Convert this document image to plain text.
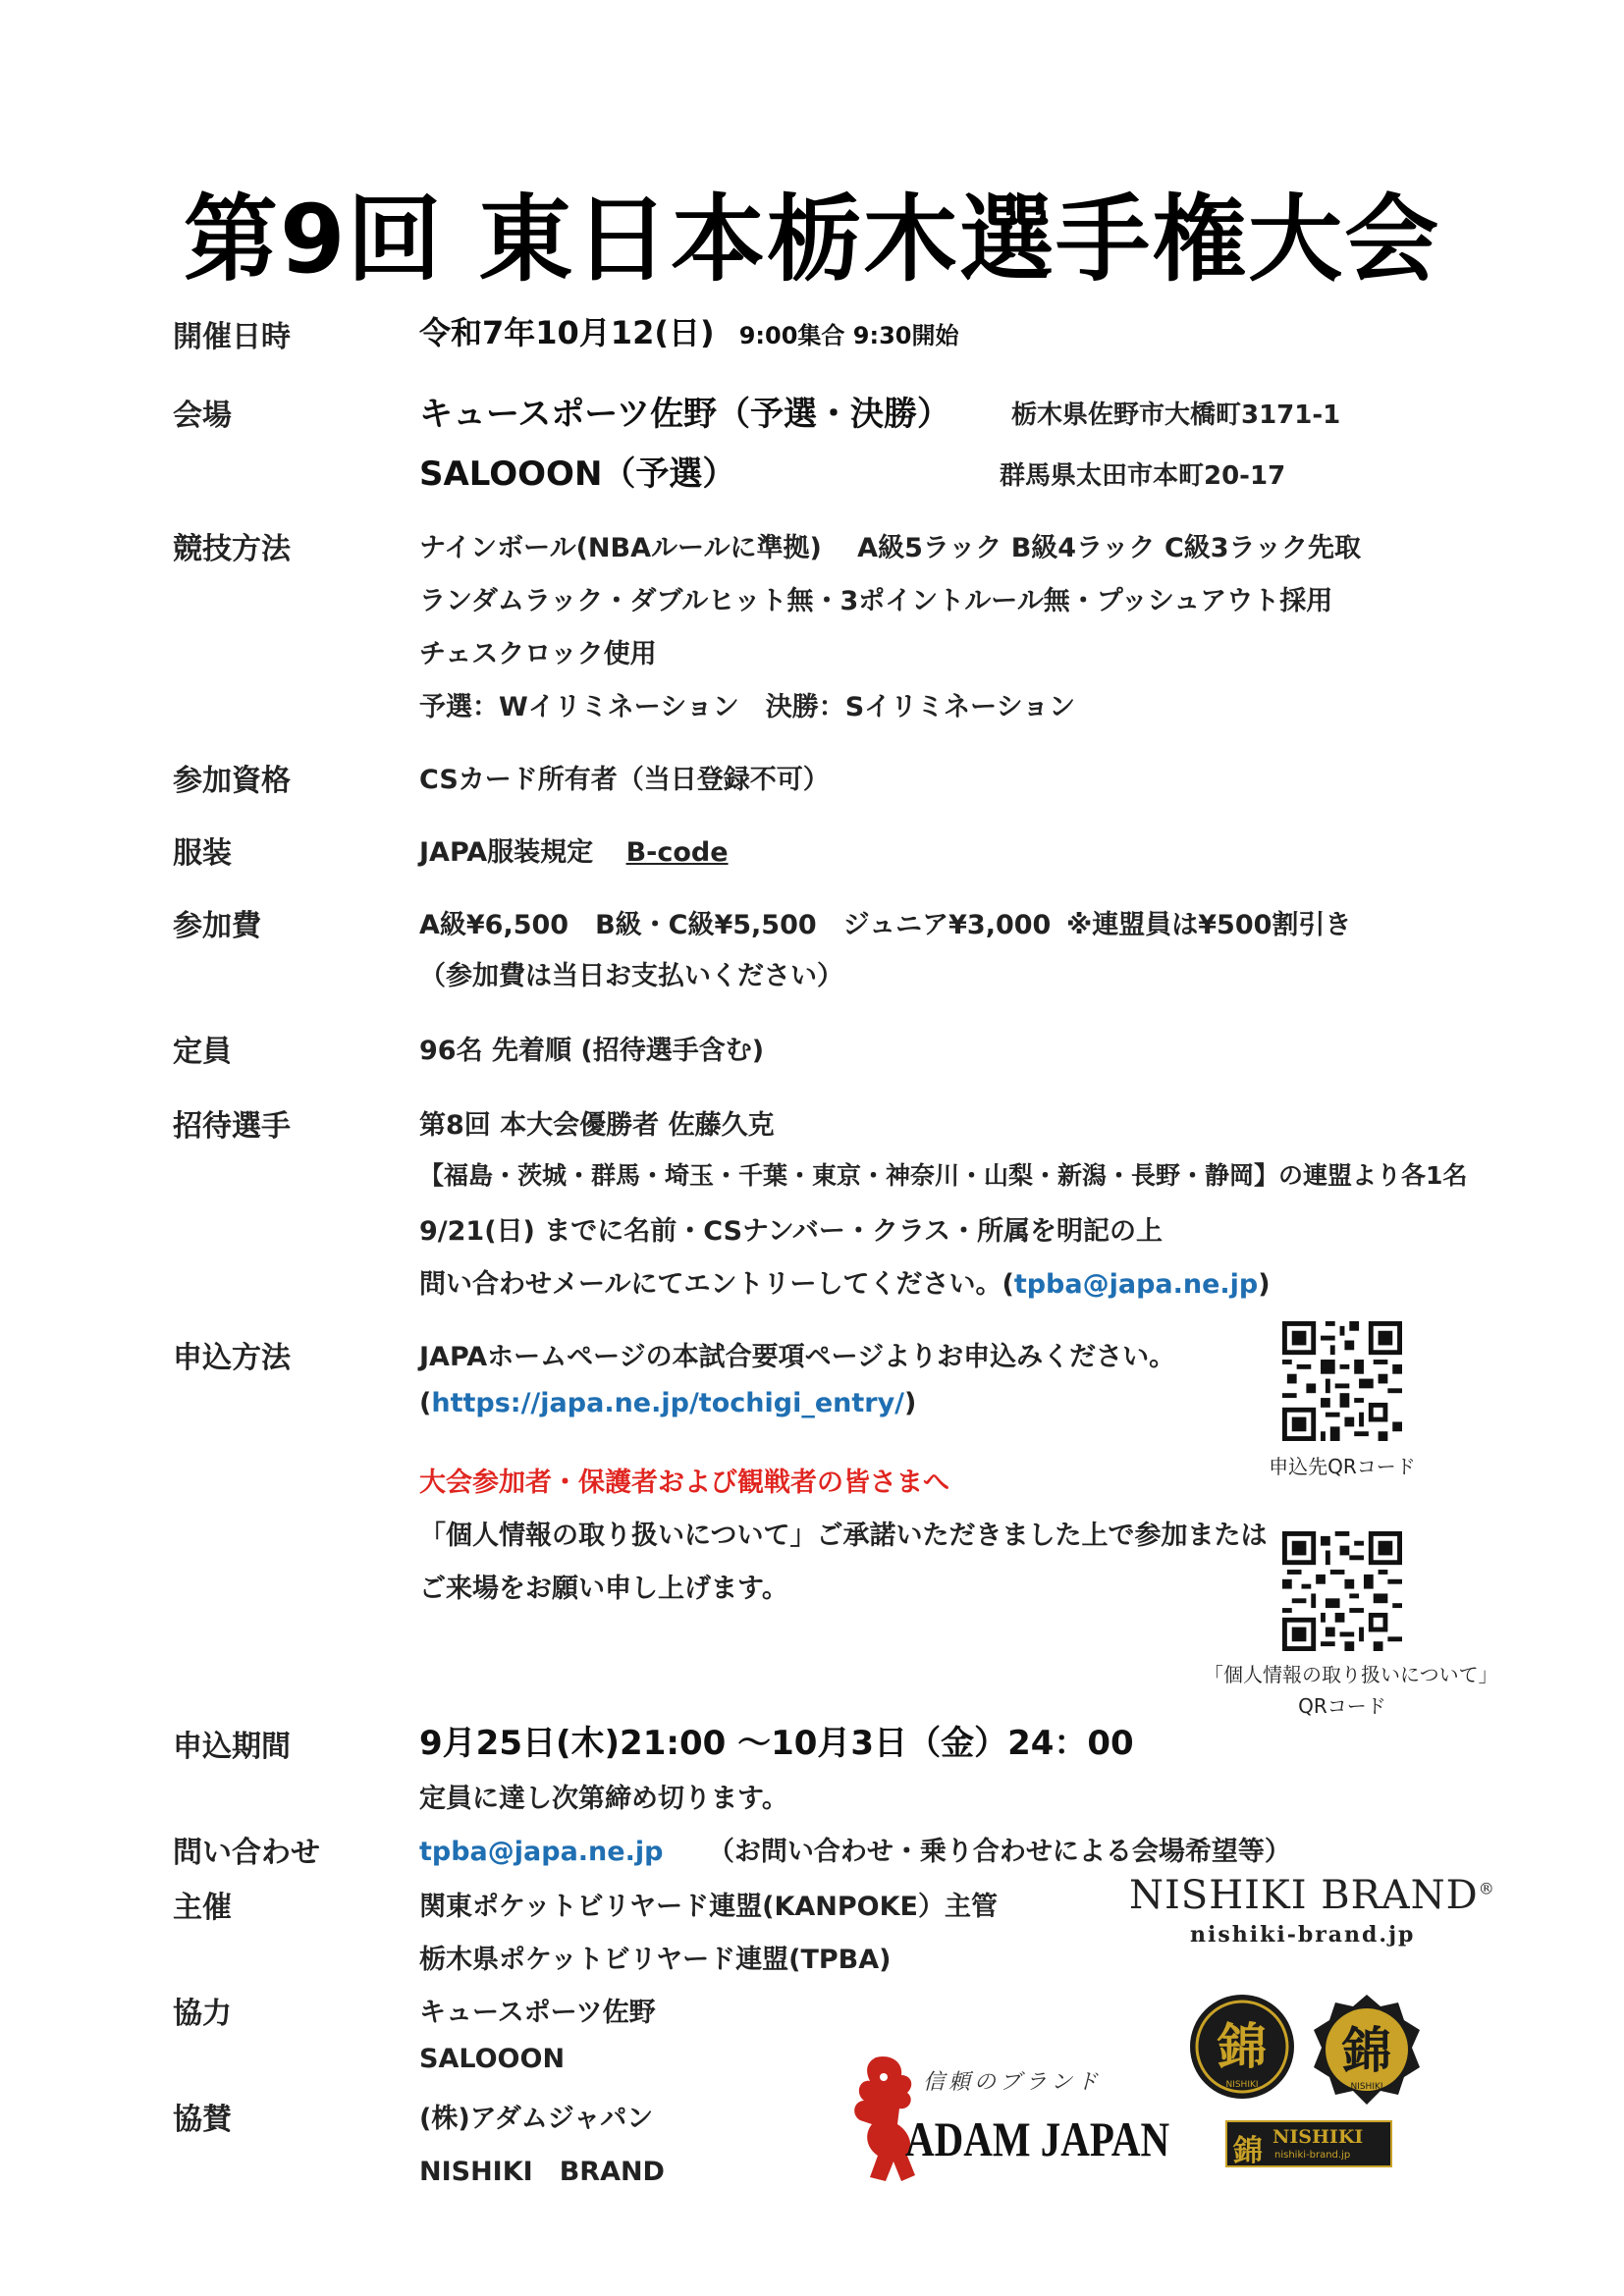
第9回 東日本栃木選手権大会
開催日時	令和7年10月12(日) 9:00集合 9:30開始
会場	キュースポーツ佐野（予選・決勝） 栃木県佐野市大橋町3171-1
SALOOON（予選）	群馬県太田市本町20-17
競技方法	ナインボール(NBAルールに準拠)　 A級5ラック B級4ラック C級3ラック先取
ランダムラック・ダブルヒット無・3ポイントルール無・プッシュアウト採用
チェスクロック使用
予選：Wイリミネーション　決勝：Sイリミネーション
参加資格	CSカード所有者（当日登録不可）
服装	JAPA服装規定 B-code
参加費	A級¥6,500　B級・C級¥5,500　ジュニア¥3,000 ※連盟員は¥500割引き
（参加費は当日お支払いください）
定員	96名 先着順 (招待選手含む)
招待選手	第8回 本大会優勝者 佐藤久克
【福島・茨城・群馬・埼玉・千葉・東京・神奈川・山梨・新潟・長野・静岡】の連盟より各1名
9/21(日) までに名前・CSナンバー・クラス・所属を明記の上
問い合わせメールにてエントリーしてください。(tpba@japa.ne.jp)
申込方法	JAPAホームページの本試合要項ページよりお申込みください。
(https://japa.ne.jp/tochigi_entry/)
大会参加者・保護者および観戦者の皆さまへ
「個人情報の取り扱いについて」ご承諾いただきました上で参加または
ご来場をお願い申し上げます。
申込先QRコード
「個人情報の取り扱いについて」
QRコード
申込期間	9月25日(木)21:00 〜10月3日（金）24：00
定員に達し次第締め切ります。
問い合わせ	tpba@japa.ne.jp （お問い合わせ・乗り合わせによる会場希望等）
主催	関東ポケットビリヤード連盟(KANPOKE）主管
栃木県ポケットビリヤード連盟(TPBA)
協力	キュースポーツ佐野
SALOOON
協賛	(株)アダムジャパン
NISHIKI　BRAND
NISHIKI BRAND®
nishiki-brand.jp
錦
NISHIKI
錦
NISHIKI
錦 NISHIKI
nishiki-brand.jp
信頼のブランド
ADAM JAPAN
